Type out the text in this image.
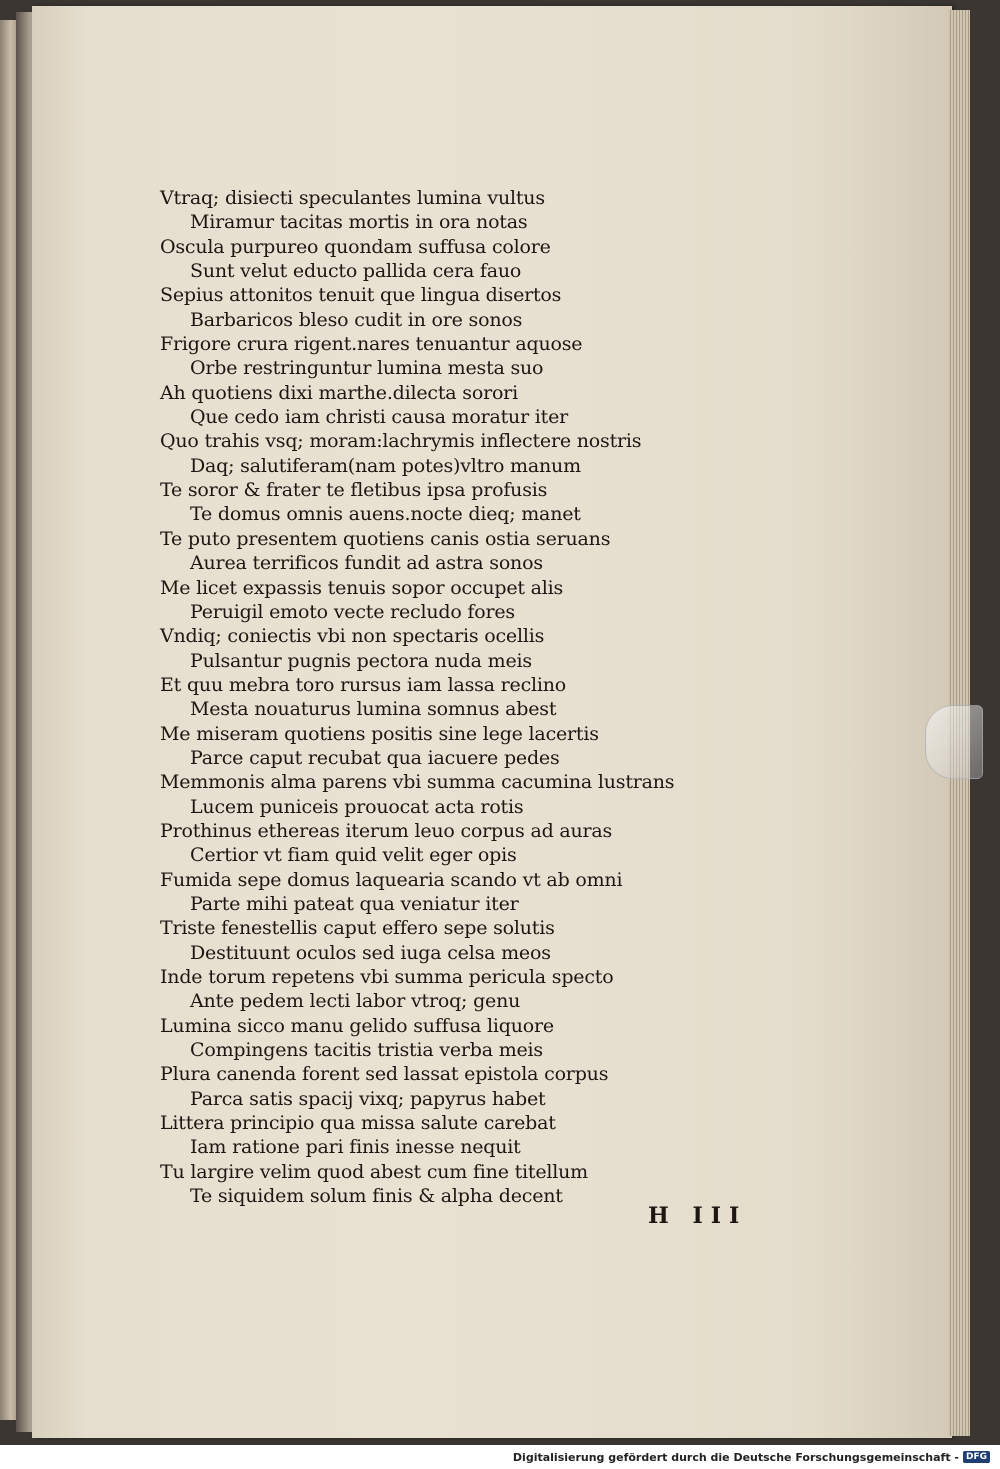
Vtraq; disiecti speculantes lumina vultus
Miramur tacitas mortis in ora notas
Oscula purpureo quondam suffusa colore
Sunt velut educto pallida cera fauo
Sepius attonitos tenuit que lingua disertos
Barbaricos bleso cudit in ore sonos
Frigore crura rigent.nares tenuantur aquose
Orbe restringuntur lumina mesta suo
Ah quotiens dixi marthe.dilecta sorori
Que cedo iam christi causa moratur iter
Quo trahis vsq; moram:lachrymis inflectere nostris
Daq; salutiferam(nam potes)vltro manum
Te soror & frater te fletibus ipsa profusis
Te domus omnis auens.nocte dieq; manet
Te puto presentem quotiens canis ostia seruans
Aurea terrificos fundit ad astra sonos
Me licet expassis tenuis sopor occupet alis
Peruigil emoto vecte recludo fores
Vndiq; coniectis vbi non spectaris ocellis
Pulsantur pugnis pectora nuda meis
Et quu mebra toro rursus iam lassa reclino
Mesta nouaturus lumina somnus abest
Me miseram quotiens positis sine lege lacertis
Parce caput recubat qua iacuere pedes
Memmonis alma parens vbi summa cacumina lustrans
Lucem puniceis prouocat acta rotis
Prothinus ethereas iterum leuo corpus ad auras
Certior vt fiam quid velit eger opis
Fumida sepe domus laquearia scando vt ab omni
Parte mihi pateat qua veniatur iter
Triste fenestellis caput effero sepe solutis
Destituunt oculos sed iuga celsa meos
Inde torum repetens vbi summa pericula specto
Ante pedem lecti labor vtroq; genu
Lumina sicco manu gelido suffusa liquore
Compingens tacitis tristia verba meis
Plura canenda forent sed lassat epistola corpus
Parca satis spacij vixq; papyrus habet
Littera principio qua missa salute carebat
Iam ratione pari finis inesse nequit
Tu largire velim quod abest cum fine titellum
Te siquidem solum finis & alpha decent
H III
Digitalisierung gefördert durch die Deutsche Forschungsgemeinschaft - DFG
